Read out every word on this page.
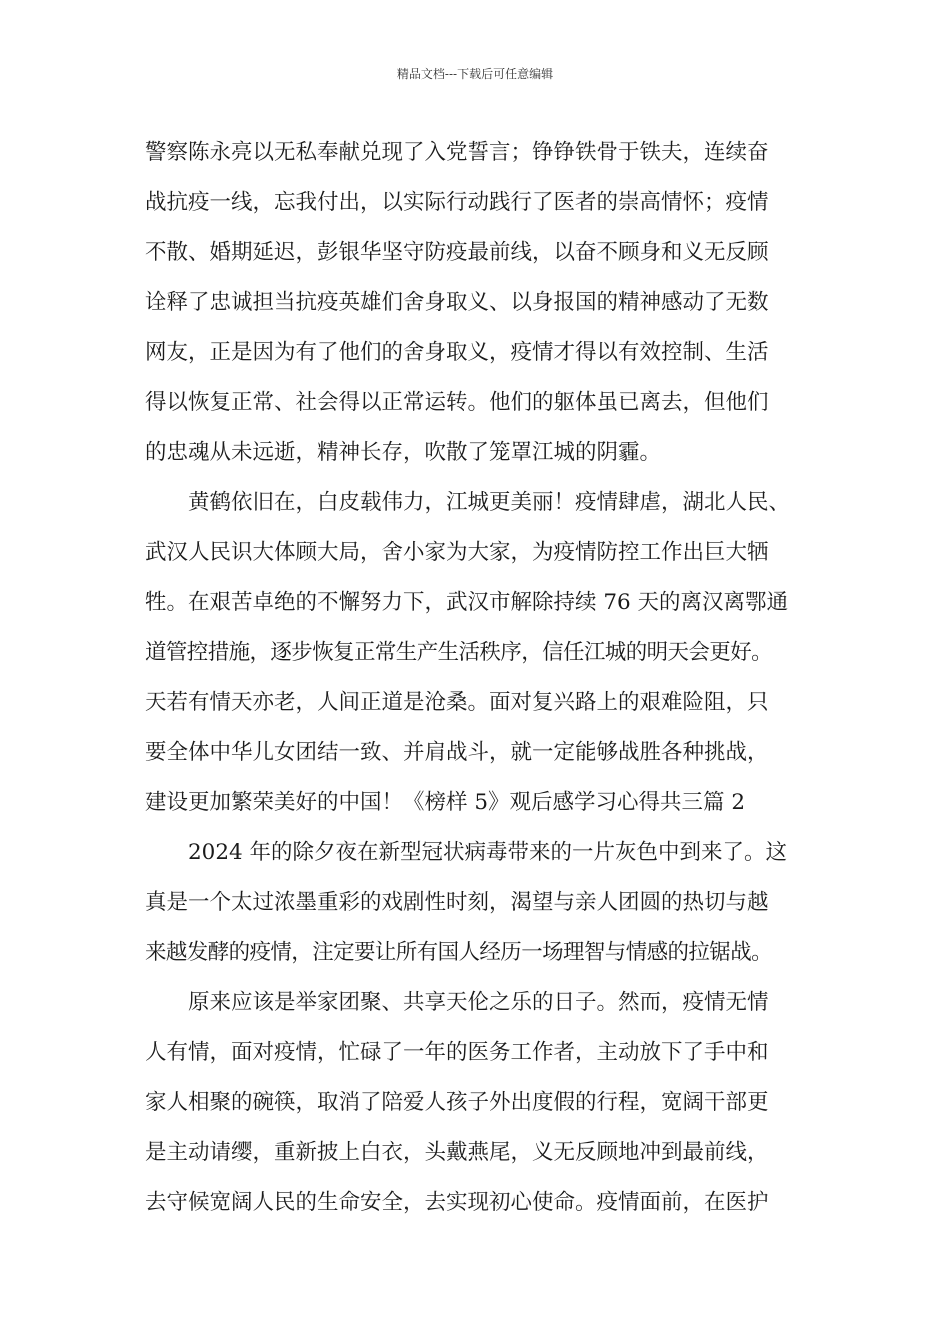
精品文档---下载后可任意编辑
警察陈永亮以无私奉献兑现了入党誓言；铮铮铁骨于铁夫，连续奋
战抗疫一线，忘我付出，以实际行动践行了医者的崇高情怀；疫情
不散、婚期延迟，彭银华坚守防疫最前线，以奋不顾身和义无反顾
诠释了忠诚担当抗疫英雄们舍身取义、以身报国的精神感动了无数
网友，正是因为有了他们的舍身取义，疫情才得以有效控制、生活
得以恢复正常、社会得以正常运转。他们的躯体虽已离去，但他们
的忠魂从未远逝，精神长存，吹散了笼罩江城的阴霾。
黄鹤依旧在，白皮载伟力，江城更美丽！疫情肆虐，湖北人民、
武汉人民识大体顾大局，舍小家为大家，为疫情防控工作出巨大牺
牲。在艰苦卓绝的不懈努力下，武汉市解除持续 76 天的离汉离鄂通
道管控措施，逐步恢复正常生产生活秩序，信任江城的明天会更好。
天若有情天亦老，人间正道是沧桑。面对复兴路上的艰难险阻，只
要全体中华儿女团结一致、并肩战斗，就一定能够战胜各种挑战，
建设更加繁荣美好的中国！《榜样 5》观后感学习心得共三篇 2
2024 年的除夕夜在新型冠状病毒带来的一片灰色中到来了。这
真是一个太过浓墨重彩的戏剧性时刻，渴望与亲人团圆的热切与越
来越发酵的疫情，注定要让所有国人经历一场理智与情感的拉锯战。
原来应该是举家团聚、共享天伦之乐的日子。然而，疫情无情
人有情，面对疫情，忙碌了一年的医务工作者，主动放下了手中和
家人相聚的碗筷，取消了陪爱人孩子外出度假的行程，宽阔干部更
是主动请缨，重新披上白衣，头戴燕尾，义无反顾地冲到最前线，
去守候宽阔人民的生命安全，去实现初心使命。疫情面前，在医护
